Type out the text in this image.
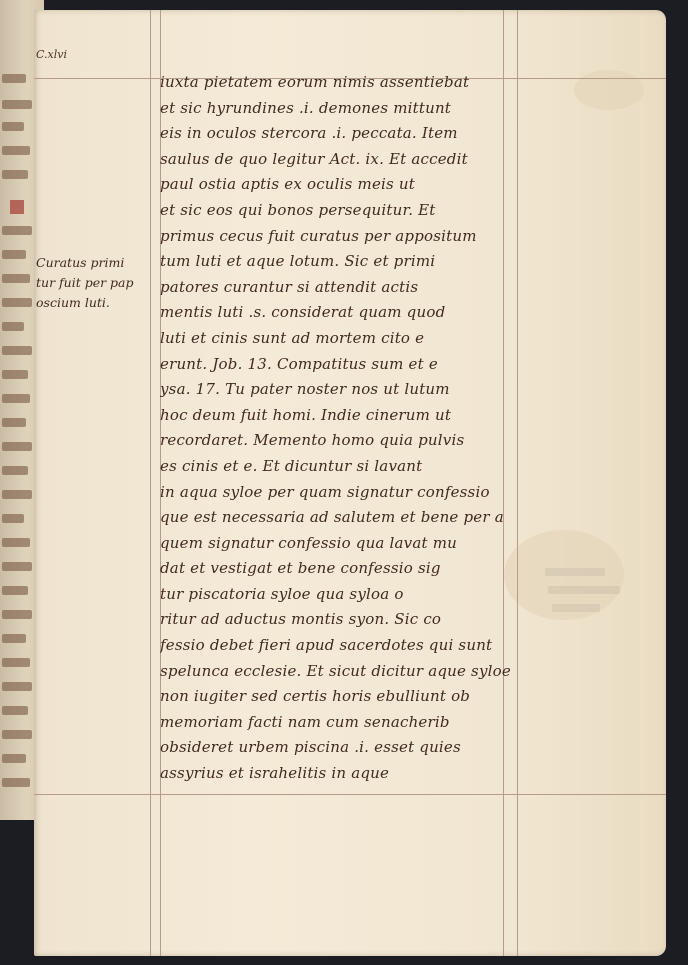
C.xlvi
Curatus primi
tur fuit per pap
oscium luti.
iuxta pietatem eorum nimis assentiebat
et sic hyrundines .i. demones mittunt
eis in oculos stercora .i. peccata. Item
saulus de quo legitur Act. ix. Et accedit
paul ostia aptis ex oculis meis ut
et sic eos qui bonos persequitur. Et
primus cecus fuit curatus per appositum
tum luti et aque lotum. Sic et primi
patores curantur si attendit actis
mentis luti .s. considerat quam quod
luti et cinis sunt ad mortem cito e
erunt. Job. 13. Compatitus sum et e
ysa. 17. Tu pater noster nos ut lutum
hoc deum fuit homi. Indie cinerum ut
recordaret. Memento homo quia pulvis
es cinis et e. Et dicuntur si lavant
in aqua syloe per quam signatur confessio
que est necessaria ad salutem et bene per a
quem signatur confessio qua lavat mu
dat et vestigat et bene confessio sig
tur piscatoria syloe qua syloa o
ritur ad aductus montis syon. Sic co
fessio debet fieri apud sacerdotes qui sunt
spelunca ecclesie. Et sicut dicitur aque syloe
non iugiter sed certis horis ebulliunt ob
memoriam facti nam cum senacherib
obsideret urbem piscina .i. esset quies
assyrius et israhelitis in aque
